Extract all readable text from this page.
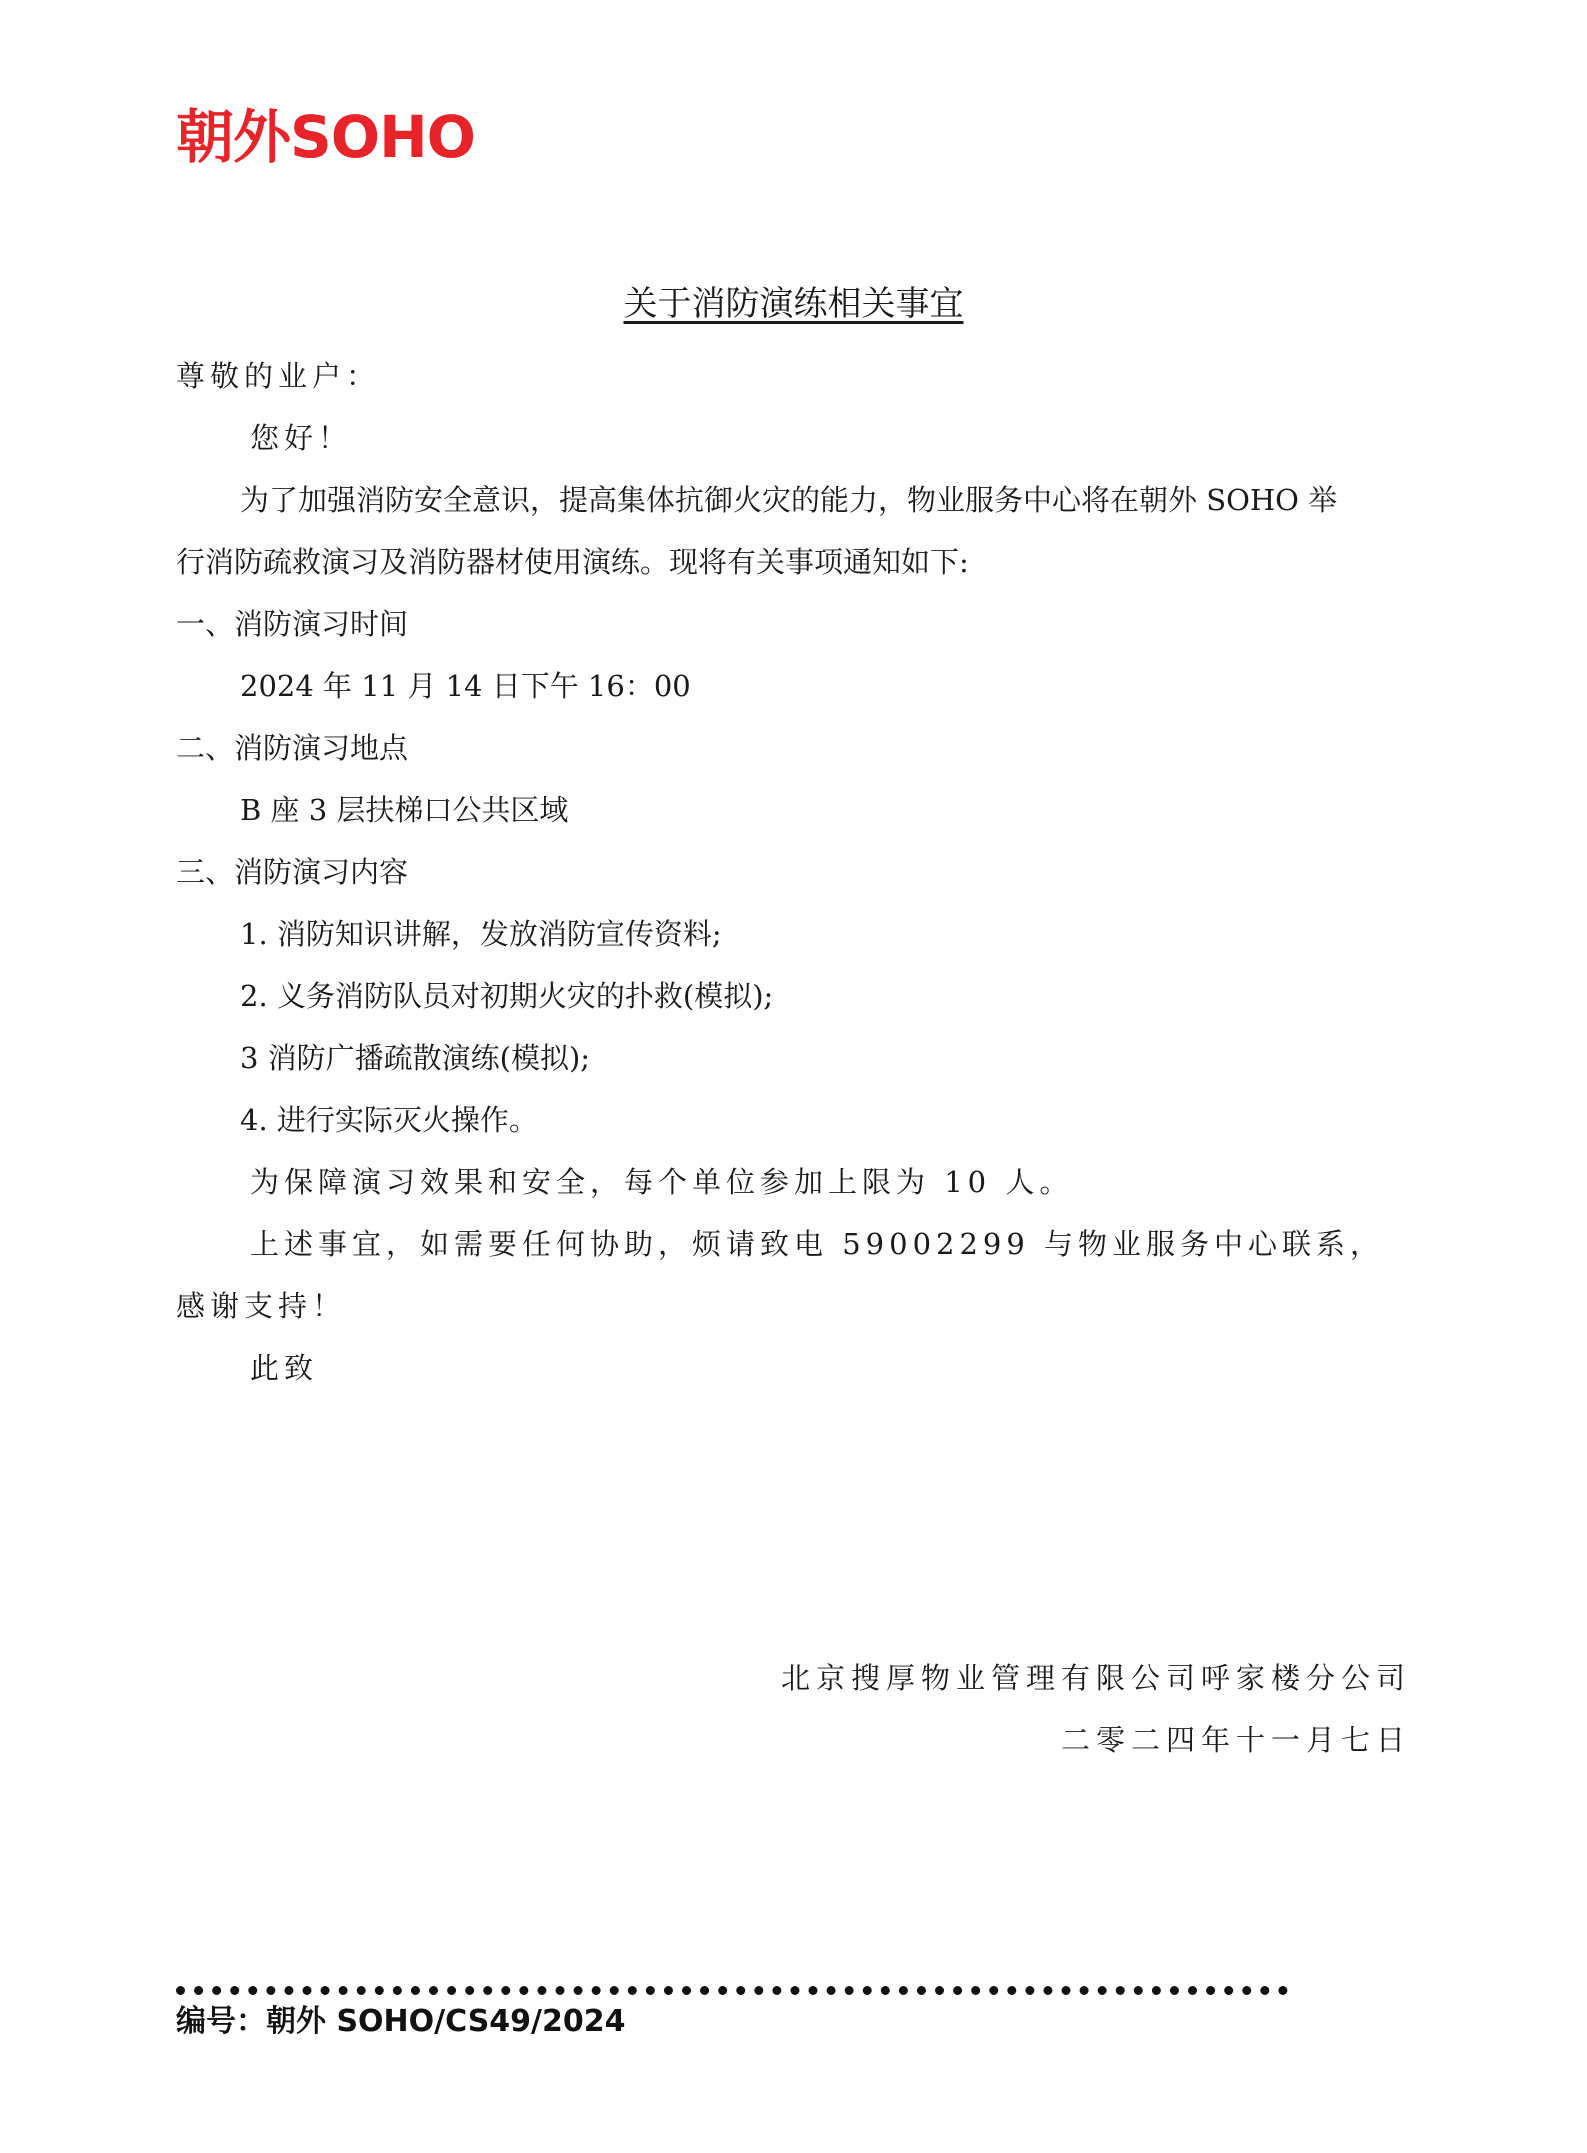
朝外SOHO
关于消防演练相关事宜
尊敬的业户：
您好！
为了加强消防安全意识，提高集体抗御火灾的能力，物业服务中心将在朝外 SOHO 举
行消防疏救演习及消防器材使用演练。现将有关事项通知如下:
一、消防演习时间
2024 年 11 月 14 日下午 16：00
二、消防演习地点
B 座 3 层扶梯口公共区域
三、消防演习内容
1. 消防知识讲解，发放消防宣传资料;
2. 义务消防队员对初期火灾的扑救(模拟);
3 消防广播疏散演练(模拟);
4. 进行实际灭火操作。
为保障演习效果和安全，每个单位参加上限为 10 人。
上述事宜，如需要任何协助，烦请致电 59002299 与物业服务中心联系，
感谢支持！
此致
北京搜厚物业管理有限公司呼家楼分公司
二零二四年十一月七日
编号：朝外 SOHO/CS49/2024
